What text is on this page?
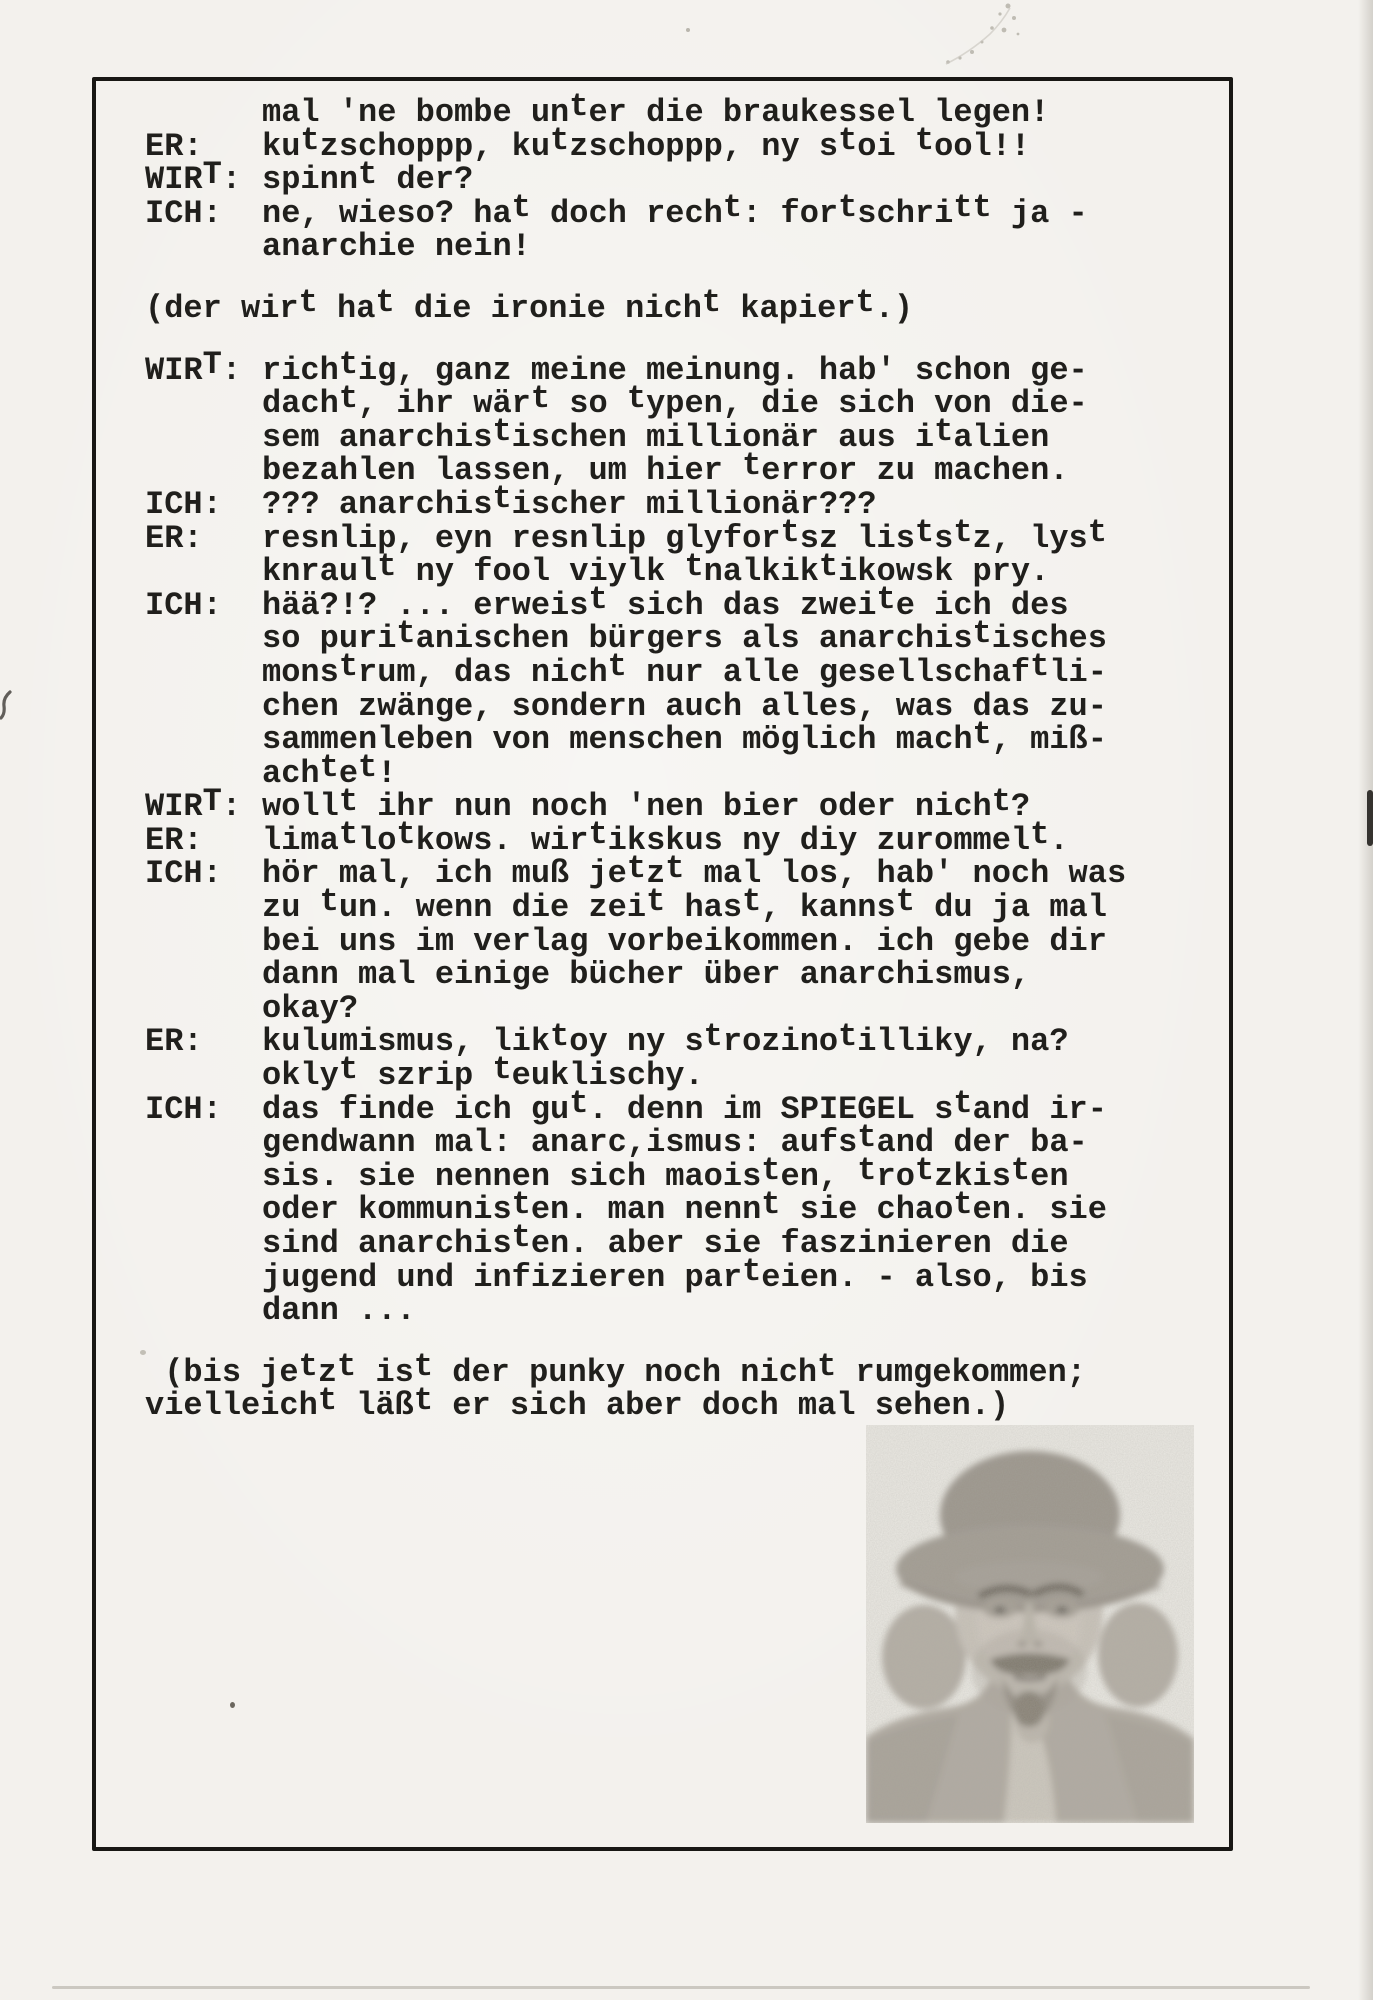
mal 'ne bombe unter die braukessel legen!
ER:	kutzschoppp, kutzschoppp, ny stoi tool!!
WIRT: spinnt der?
ICH:	ne, wieso? hat doch recht: fortschritt ja -
anarchie nein!
(der wirt hat die ironie nicht kapiert.)
WIRT: richtig, ganz meine meinung. hab' schon ge-
dacht, ihr wärt so typen, die sich von die-
sem anarchistischen millionär aus italien
bezahlen lassen, um hier terror zu machen.
ICH:	??? anarchistischer millionär???
ER:	resnlip, eyn resnlip glyfortsz liststz, lyst
knrault ny fool viylk tnalkiktikowsk pry.
ICH:	hää?!? ... erweist sich das zweite ich des
so puritanischen bürgers als anarchistisches
monstrum, das nicht nur alle gesellschaftli-
chen zwänge, sondern auch alles, was das zu-
sammenleben von menschen möglich macht, miß-
achtet!
WIRT: wollt ihr nun noch 'nen bier oder nicht?
ER:	limatlotkows. wirtikskus ny diy zurommelt.
ICH:	hör mal, ich muß jetzt mal los, hab' noch was
zu tun. wenn die zeit hast, kannst du ja mal
bei uns im verlag vorbeikommen. ich gebe dir
dann mal einige bücher über anarchismus,
okay?
ER:	kulumismus, liktoy ny strozinotilliky, na?
oklyt szrip teuklischy.
ICH:	das finde ich gut. denn im SPIEGEL stand ir-
gendwann mal: anarc,ismus: aufstand der ba-
sis. sie nennen sich maoisten, trotzkisten
oder kommunisten. man nennt sie chaoten. sie
sind anarchisten. aber sie faszinieren die
jugend und infizieren parteien. - also, bis
dann ...
(bis jetzt ist der punky noch nicht rumgekommen;
vielleicht läßt er sich aber doch mal sehen.)
